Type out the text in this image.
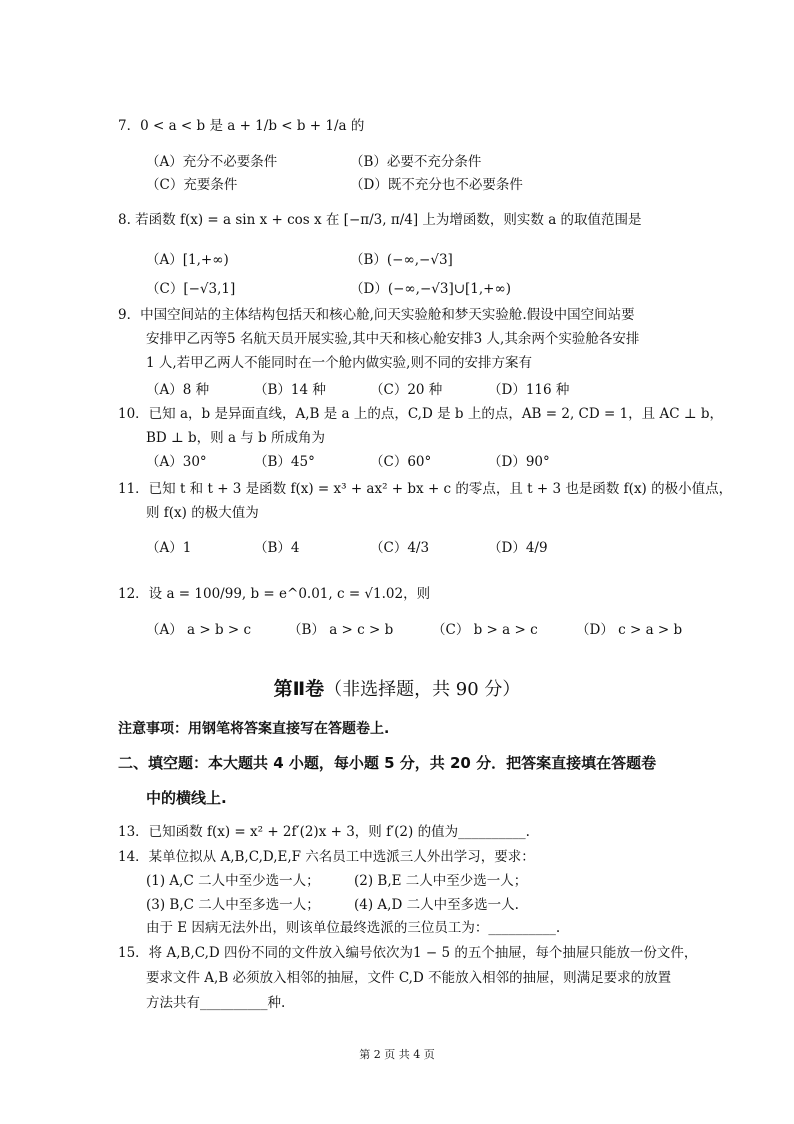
7．0 < a < b 是 a + 1/b < b + 1/a 的
（A）充分不必要条件	（B）必要不充分条件
（C）充要条件	（D）既不充分也不必要条件
8. 若函数 f(x) = a sin x + cos x 在 [−π/3, π/4] 上为增函数，则实数 a 的取值范围是
（A）[1,+∞)	（B）(−∞,−√3]
（C）[−√3,1]	（D）(−∞,−√3]∪[1,+∞)
9．中国空间站的主体结构包括天和核心舱,问天实验舱和梦天实验舱.假设中国空间站要
安排甲乙丙等5 名航天员开展实验,其中天和核心舱安排3 人,其余两个实验舱各安排
1 人,若甲乙两人不能同时在一个舱内做实验,则不同的安排方案有
（A）8 种	（B）14 种	（C）20 种	（D）116 种
10．已知 a，b 是异面直线，A,B 是 a 上的点，C,D 是 b 上的点，AB = 2, CD = 1，且 AC ⊥ b，
BD ⊥ b，则 a 与 b 所成角为
（A）30°	（B）45°	（C）60°	（D）90°
11．已知 t 和 t + 3 是函数 f(x) = x³ + ax² + bx + c 的零点，且 t + 3 也是函数 f(x) 的极小值点，
则 f(x) 的极大值为
（A）1	（B）4	（C）4/3	（D）4/9
12．设 a = 100/99, b = e^0.01, c = √1.02，则
（A） a > b > c	（B） a > c > b	（C） b > a > c	（D） c > a > b
第Ⅱ卷（非选择题，共 90 分）
注意事项：用钢笔将答案直接写在答题卷上.
二、填空题：本大题共 4 小题，每小题 5 分，共 20 分．把答案直接填在答题卷
中的横线上.
13．已知函数 f(x) = x² + 2f′(2)x + 3，则 f′(2) 的值为__________.
14．某单位拟从 A,B,C,D,E,F 六名员工中选派三人外出学习，要求：
(1) A,C 二人中至少选一人；	(2) B,E 二人中至少选一人；
(3) B,C 二人中至多选一人；	(4) A,D 二人中至多选一人.
由于 E 因病无法外出，则该单位最终选派的三位员工为：__________.
15．将 A,B,C,D 四份不同的文件放入编号依次为1 − 5 的五个抽屉，每个抽屉只能放一份文件，
要求文件 A,B 必须放入相邻的抽屉，文件 C,D 不能放入相邻的抽屉，则满足要求的放置
方法共有__________种.
第 2 页 共 4 页
